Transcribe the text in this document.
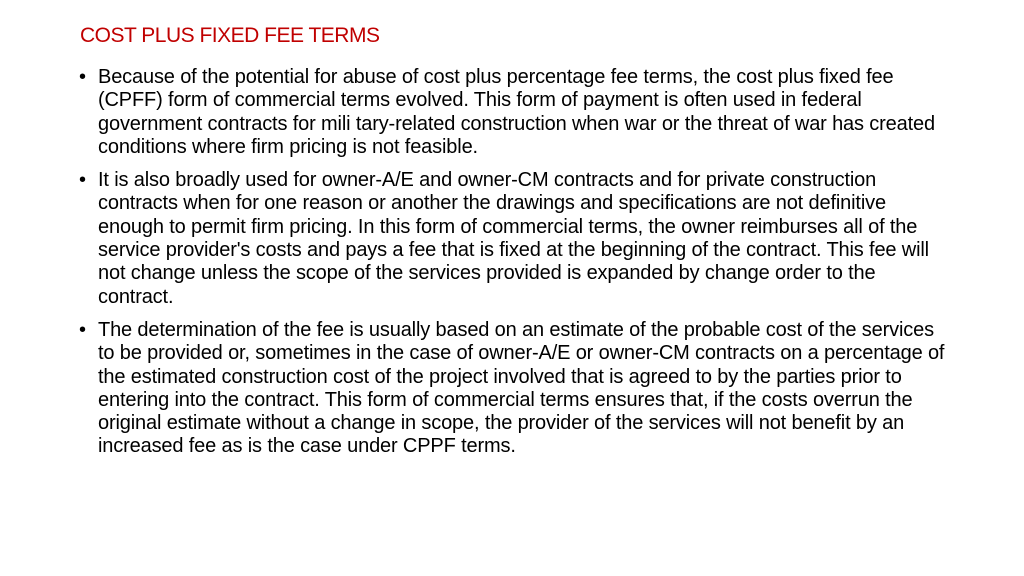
COST PLUS FIXED FEE TERMS
• Because of the potential for abuse of cost plus percentage fee terms, the cost plus fixed fee (CPFF) form of commercial terms evolved. This form of payment is often used in federal government contracts for mili tary-related construction when war or the threat of war has created conditions where firm pricing is not feasible.
• It is also broadly used for owner-A/E and owner-CM contracts and for private construction contracts when for one reason or another the drawings and specifications are not definitive enough to permit firm pricing. In this form of commercial terms, the owner reimburses all of the service provider's costs and pays a fee that is fixed at the beginning of the contract. This fee will not change unless the scope of the services provided is expanded by change order to the contract.
• The determination of the fee is usually based on an estimate of the probable cost of the services to be provided or, sometimes in the case of owner-A/E or owner-CM contracts on a percentage of the estimated construction cost of the project involved that is agreed to by the parties prior to entering into the contract. This form of commercial terms ensures that, if the costs overrun the original estimate without a change in scope, the provider of the services will not benefit by an increased fee as is the case under CPPF terms.
